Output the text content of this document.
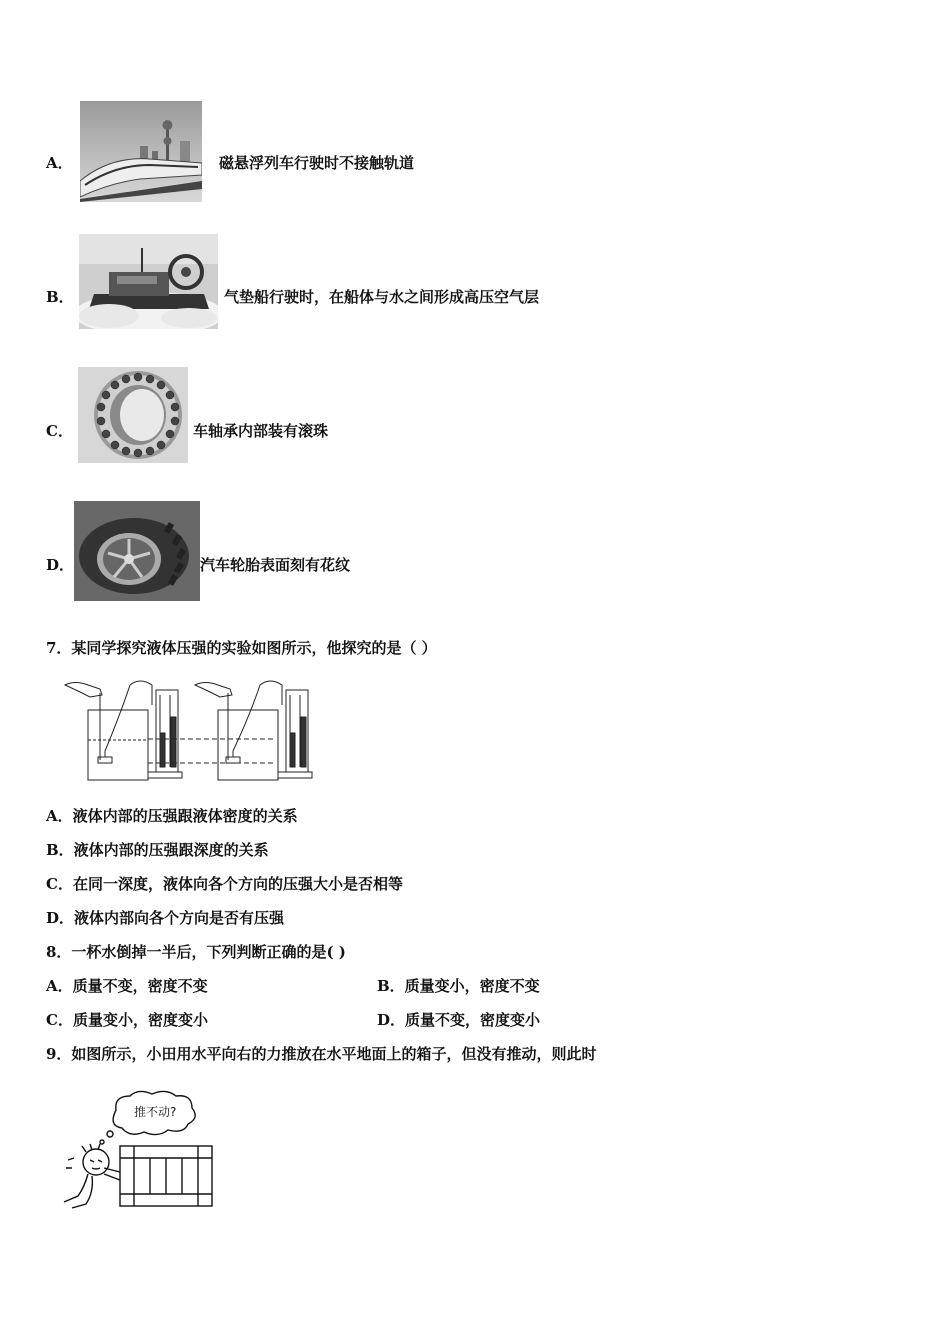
A．	磁悬浮列车行驶时不接触轨道
B．	气垫船行驶时，在船体与水之间形成高压空气层
C．	车轴承内部装有滚珠
D．	汽车轮胎表面刻有花纹
7．某同学探究液体压强的实验如图所示，他探究的是（ ）
A．液体内部的压强跟液体密度的关系
B．液体内部的压强跟深度的关系
C．在同一深度，液体向各个方向的压强大小是否相等
D．液体内部向各个方向是否有压强
8．一杯水倒掉一半后，下列判断正确的是( )
A．质量不变，密度不变	B．质量变小，密度不变
C．质量变小，密度变小	D．质量不变，密度变小
9．如图所示，小田用水平向右的力推放在水平地面上的箱子，但没有推动，则此时
推不动?
